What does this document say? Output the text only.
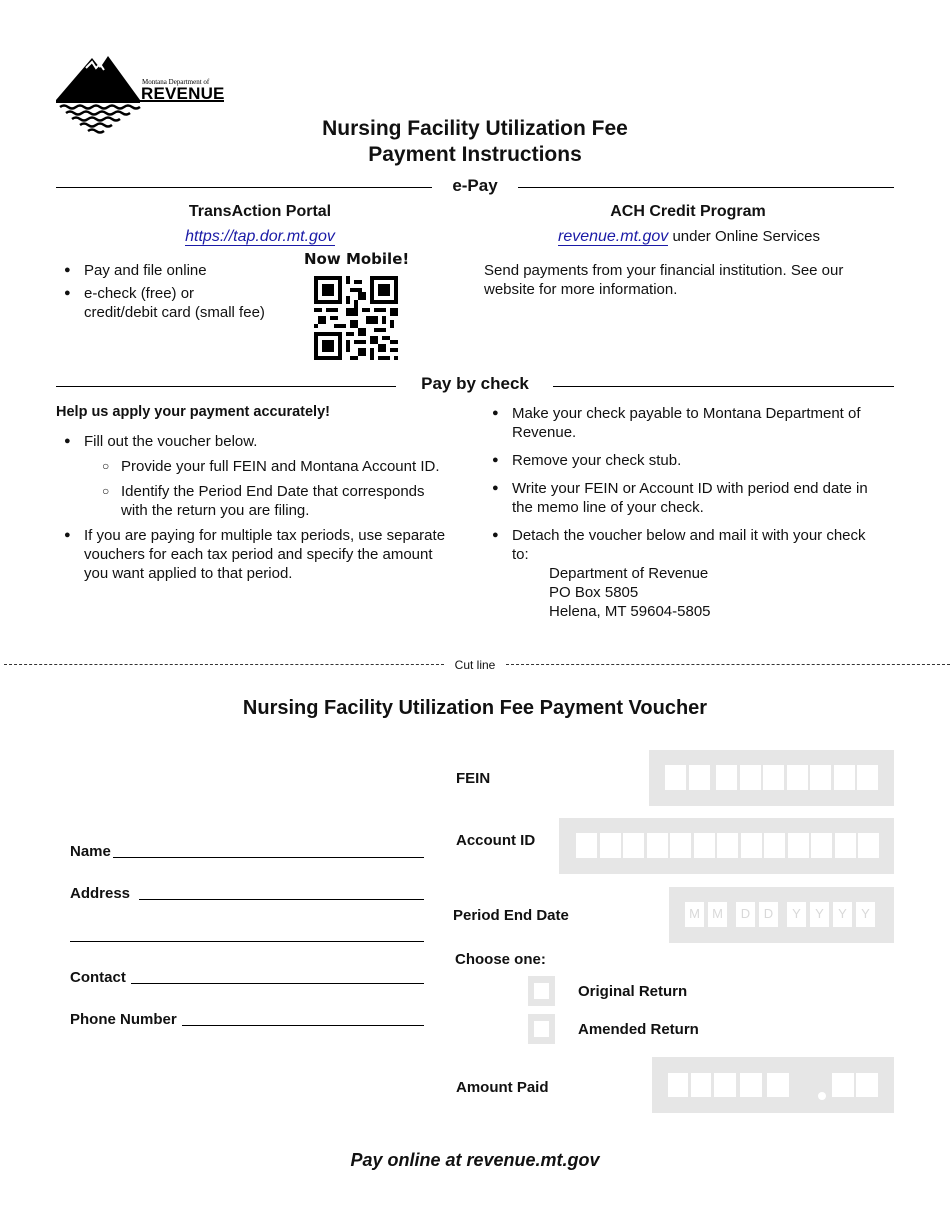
Montana Department of
REVENUE
Nursing Facility Utilization Fee
Payment Instructions
e-Pay
TransAction Portal
https://tap.dor.mt.gov
Now Mobile!
● Pay and file online
● e-check (free) or
credit/debit card (small fee)
ACH Credit Program
revenue.mt.gov under Online Services
Send payments from your financial institution. See our
website for more information.
Pay by check
Help us apply your payment accurately!
● Fill out the voucher below.
○ Provide your full FEIN and Montana Account ID.
○ Identify the Period End Date that corresponds
with the return you are filing.
● If you are paying for multiple tax periods, use separate
vouchers for each tax period and specify the amount
you want applied to that period.
● Make your check payable to Montana Department of
Revenue.
● Remove your check stub.
● Write your FEIN or Account ID with period end date in
the memo line of your check.
● Detach the voucher below and mail it with your check
to:
Department of Revenue
PO Box 5805
Helena, MT 59604-5805
Cut line
Nursing Facility Utilization Fee Payment Voucher
Name
Address
Contact
Phone Number
FEIN
Account ID
Period End Date	M M	D	D	Y	Y	Y	Y
Choose one:
Original Return
Amended Return
Amount Paid
Pay online at revenue.mt.gov
